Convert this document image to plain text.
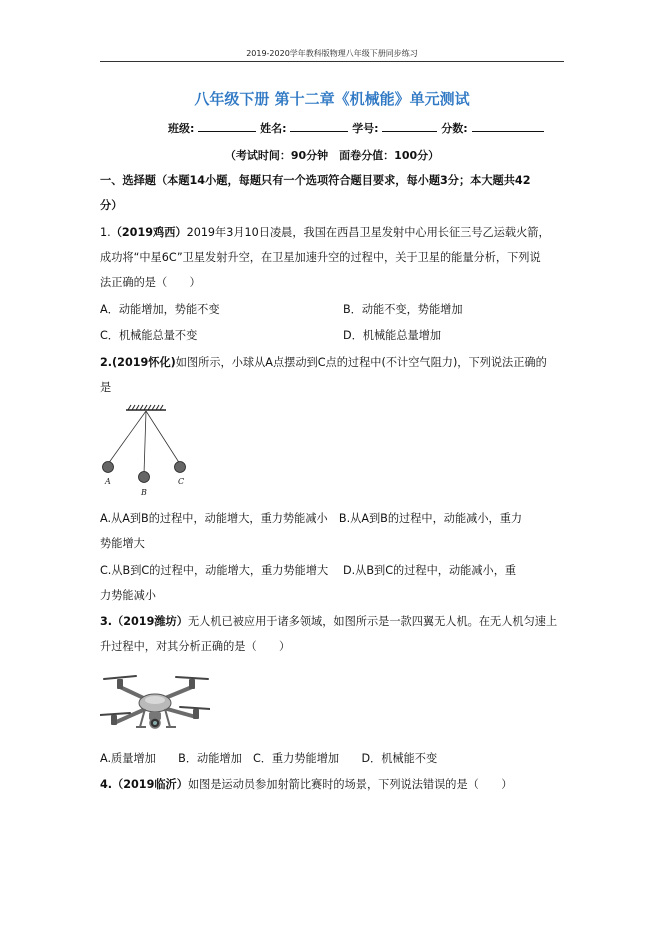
2019-2020学年教科版物理八年级下册同步练习
八年级下册 第十二章《机械能》单元测试
班级:	姓名:	学号:	分数:
（考试时间：90分钟　面卷分值：100分）
一、选择题（本题14小题，每题只有一个选项符合题目要求，每小题3分；本大题共42
分）
1.（2019鸡西）2019年3月10日凌晨，我国在西昌卫星发射中心用长征三号乙运载火箭，
成功将“中星6C”卫星发射升空，在卫星加速升空的过程中，关于卫星的能量分析，下列说
法正确的是（　　）
A．动能增加，势能不变	B．动能不变，势能增加
C．机械能总量不变	D．机械能总量增加
2.(2019怀化)如图所示，小球从A点摆动到C点的过程中(不计空气阻力)，下列说法正确的
是
A
B
C
A.从A到B的过程中，动能增大，重力势能减小　B.从A到B的过程中，动能减小，重力
势能增大
C.从B到C的过程中，动能增大，重力势能增大　 D.从B到C的过程中，动能减小，重
力势能减小
3.（2019潍坊）无人机已被应用于诸多领域，如图所示是一款四翼无人机。在无人机匀速上
升过程中，对其分析正确的是（　　）
A.质量增加　　B．动能增加　C．重力势能增加　　D．机械能不变
4.（2019临沂）如图是运动员参加射箭比赛时的场景，下列说法错误的是（　　）
